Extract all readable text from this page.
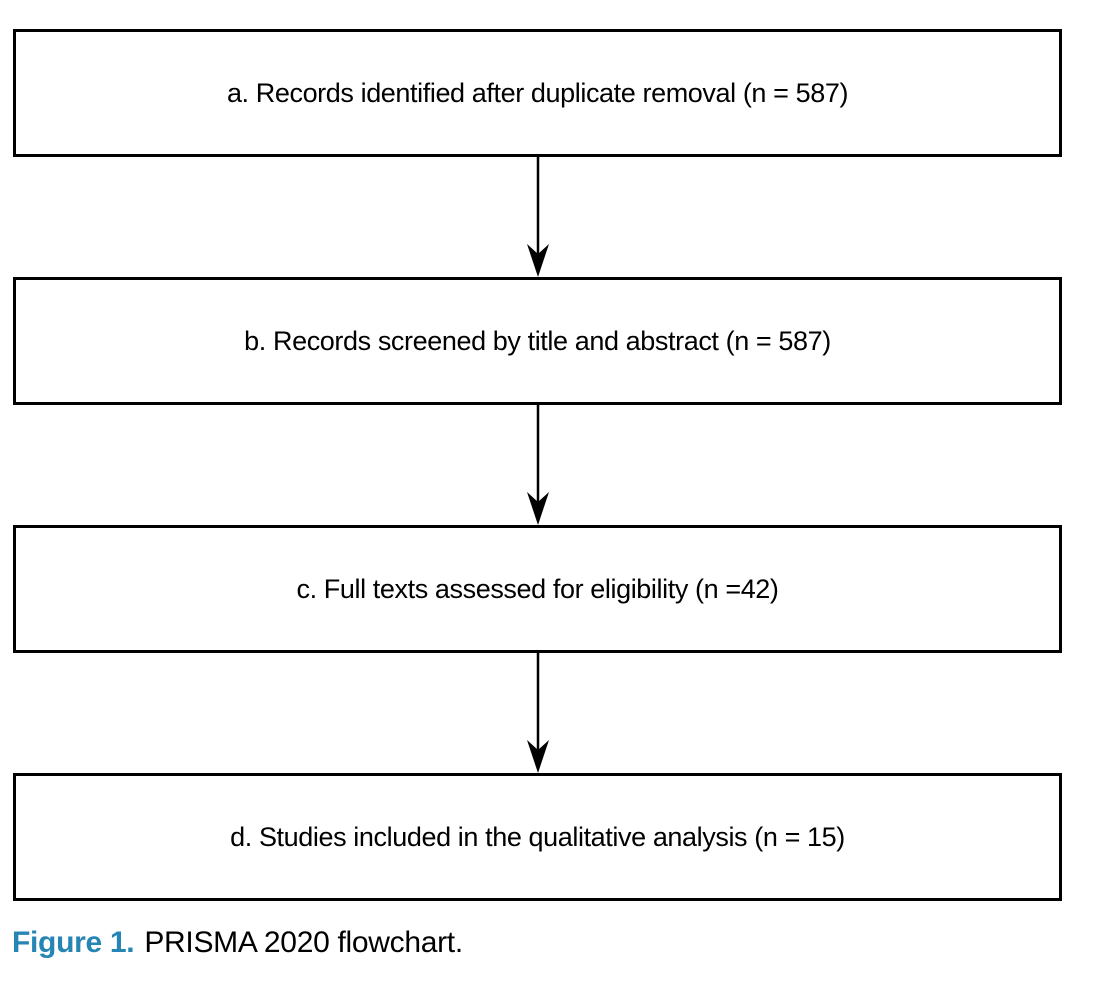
a. Records identified after duplicate removal (n = 587)
b. Records screened by title and abstract (n = 587)
c. Full texts assessed for eligibility (n =42)
d. Studies included in the qualitative analysis (n = 15)
Figure 1. PRISMA 2020 flowchart.
